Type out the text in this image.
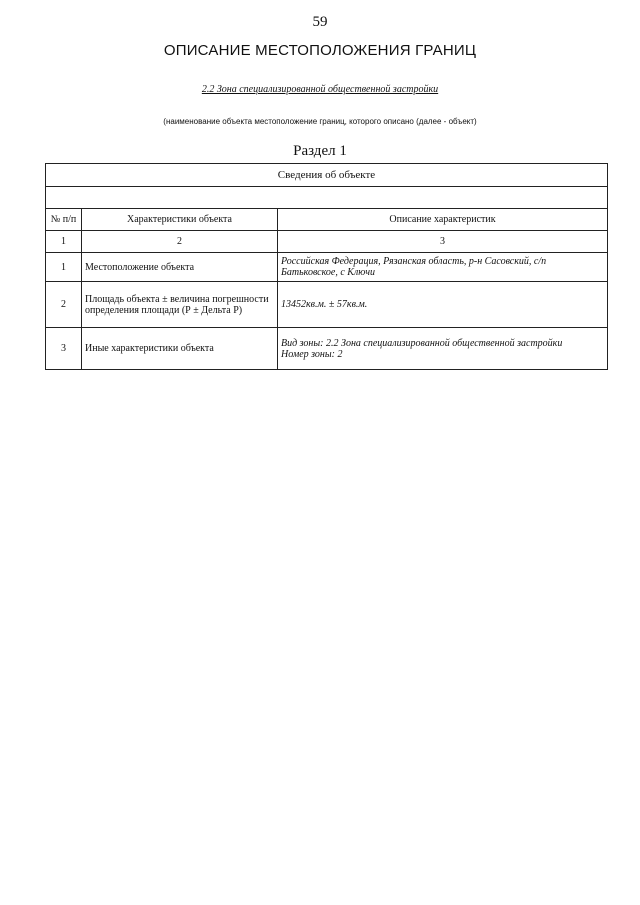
59
ОПИСАНИЕ МЕСТОПОЛОЖЕНИЯ ГРАНИЦ
2.2 Зона специализированной общественной застройки
(наименование объекта местоположение границ, которого описано (далее - объект)
Раздел 1
Сведения об объекте		

№ п/п	Характеристики объекта	Описание характеристик
1	2	3
1	Местоположение объекта	Российская Федерация, Рязанская область, р-н Сасовский, с/п Батьковское, с Ключи
2	Площадь объекта ± величина погрешности определения площади (Р ± Дельта Р)	13452кв.м. ± 57кв.м.
3	Иные характеристики объекта	Вид зоны: 2.2 Зона специализированной общественной застройки
Номер зоны: 2
